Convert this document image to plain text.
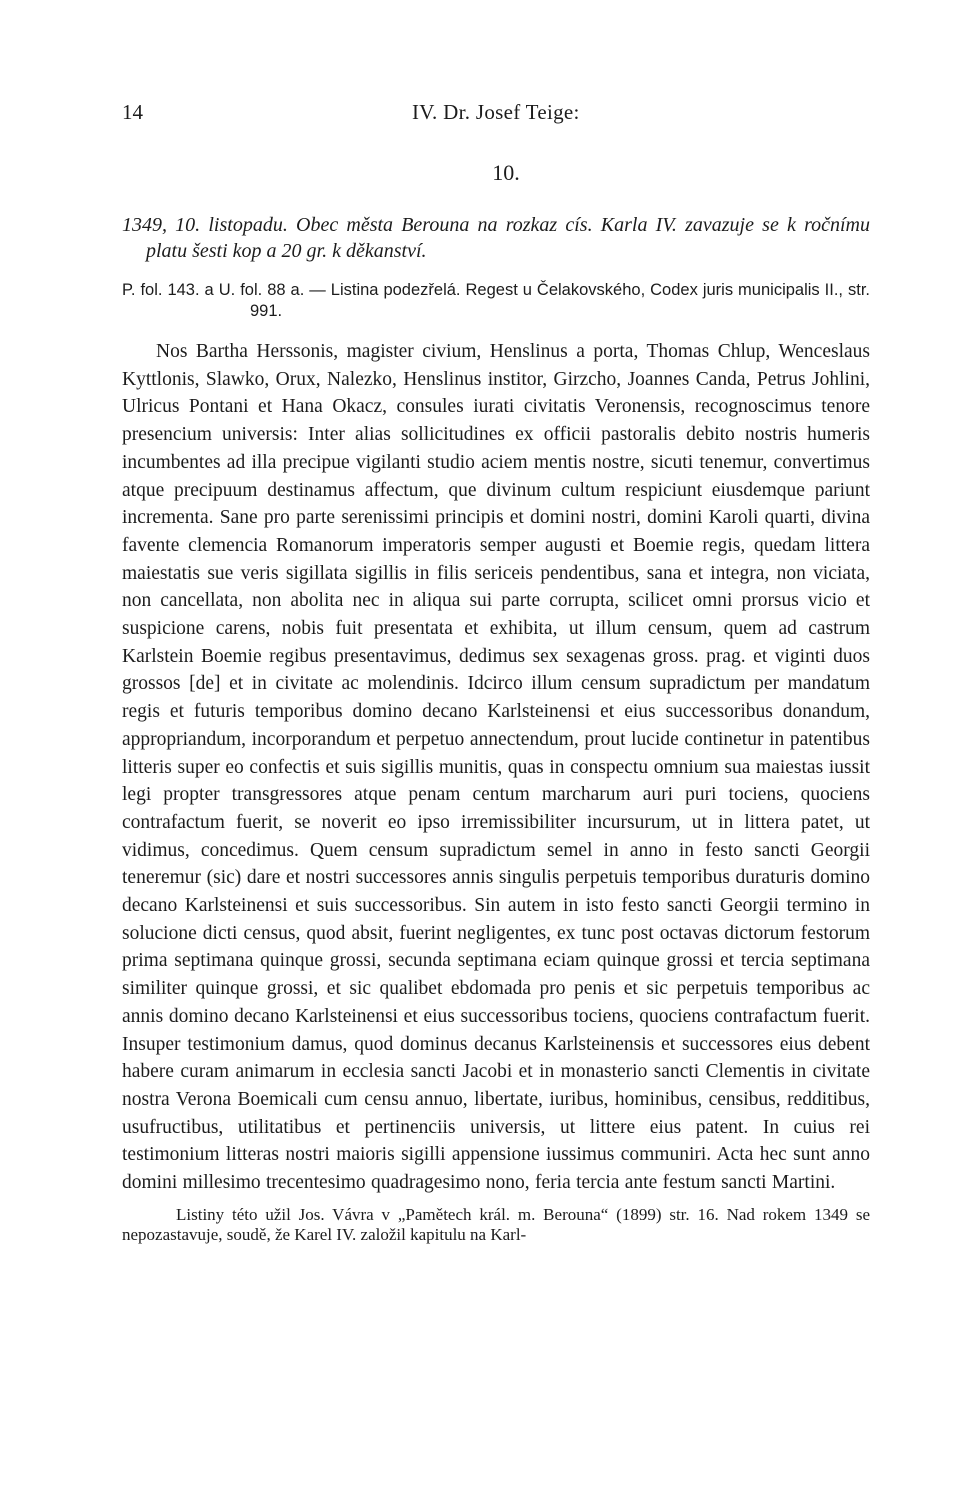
14	IV. Dr. Josef Teige:
10.
1349, 10. listopadu. Obec města Berouna na rozkaz cís. Karla IV. zavazuje se k ročnímu platu šesti kop a 20 gr. k děkanství.
P. fol. 143. a U. fol. 88 a. — Listina podezřelá. Regest u Čelakovského, Codex juris municipalis II., str. 991.
Nos Bartha Herssonis, magister civium, Henslinus a porta, Thomas Chlup, Wenceslaus Kyttlonis, Slawko, Orux, Nalezko, Henslinus institor, Girzcho, Joannes Canda, Petrus Johlini, Ulricus Pontani et Hana Okacz, consules iurati civitatis Veronensis, recognoscimus tenore presencium universis: Inter alias sollicitudines ex officii pastoralis debito nostris humeris incumbentes ad illa precipue vigilanti studio aciem mentis nostre, sicuti tenemur, convertimus atque precipuum destinamus affectum, que divinum cultum respiciunt eiusdemque pariunt incrementa. Sane pro parte serenissimi principis et domini nostri, domini Karoli quarti, divina favente clemencia Romanorum imperatoris semper augusti et Boemie regis, quedam littera maiestatis sue veris sigillata sigillis in filis sericeis pendentibus, sana et integra, non viciata, non cancellata, non abolita nec in aliqua sui parte corrupta, scilicet omni prorsus vicio et suspicione carens, nobis fuit presentata et exhibita, ut illum censum, quem ad castrum Karlstein Boemie regibus presentavimus, dedimus sex sexagenas gross. prag. et viginti duos grossos [de] et in civitate ac molendinis. Idcirco illum censum supradictum per mandatum regis et futuris temporibus domino decano Karlsteinensi et eius successoribus donandum, appropriandum, incorporandum et perpetuo annectendum, prout lucide continetur in patentibus litteris super eo confectis et suis sigillis munitis, quas in conspectu omnium sua maiestas iussit legi propter transgressores atque penam centum marcharum auri puri tociens, quociens contrafactum fuerit, se noverit eo ipso irremissibiliter incursurum, ut in littera patet, ut vidimus, concedimus. Quem censum supradictum semel in anno in festo sancti Georgii teneremur (sic) dare et nostri successores annis singulis perpetuis temporibus duraturis domino decano Karlsteinensi et suis successoribus. Sin autem in isto festo sancti Georgii termino in solucione dicti census, quod absit, fuerint negligentes, ex tunc post octavas dictorum festorum prima septimana quinque grossi, secunda septimana eciam quinque grossi et tercia septimana similiter quinque grossi, et sic qualibet ebdomada pro penis et sic perpetuis temporibus ac annis domino decano Karlsteinensi et eius successoribus tociens, quociens contrafactum fuerit. Insuper testimonium damus, quod dominus decanus Karlsteinensis et successores eius debent habere curam animarum in ecclesia sancti Jacobi et in monasterio sancti Clementis in civitate nostra Verona Boemicali cum censu annuo, libertate, iuribus, hominibus, censibus, redditibus, usufructibus, utilitatibus et pertinenciis universis, ut littere eius patent. In cuius rei testimonium litteras nostri maioris sigilli appensione iussimus communiri. Acta hec sunt anno domini millesimo trecentesimo quadragesimo nono, feria tercia ante festum sancti Martini.
Listiny této užil Jos. Vávra v „Pamětech král. m. Berouna“ (1899) str. 16. Nad rokem 1349 se nepozastavuje, soudě, že Karel IV. založil kapitulu na Karl-
